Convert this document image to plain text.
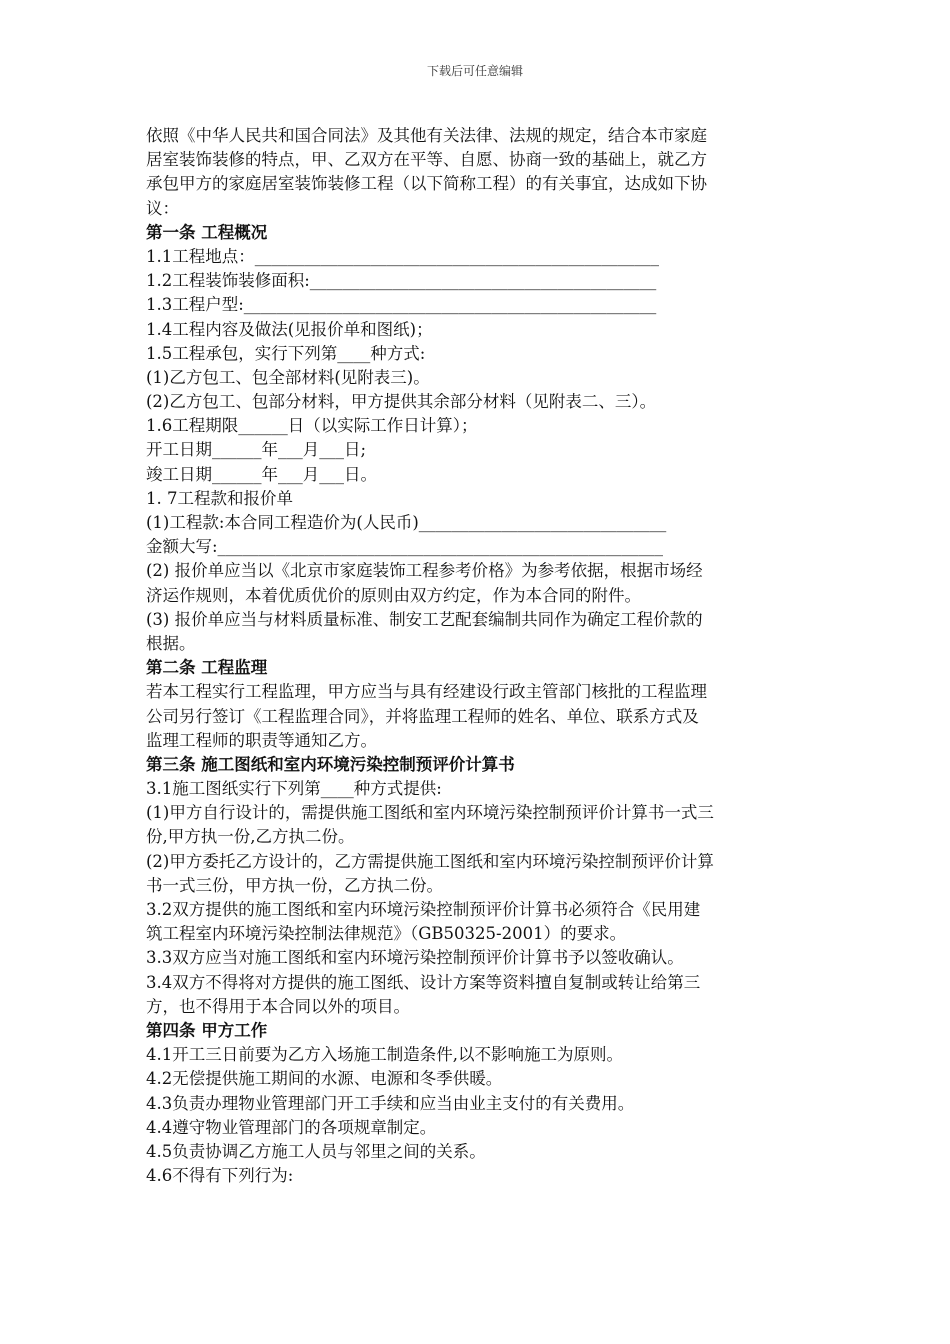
下载后可任意编辑
依照《中华人民共和国合同法》及其他有关法律、法规的规定，结合本市家庭
居室装饰装修的特点，甲、乙双方在平等、自愿、协商一致的基础上，就乙方
承包甲方的家庭居室装饰装修工程（以下简称工程）的有关事宜，达成如下协
议：
第一条 工程概况
1.1工程地点：_________________________________________________
1.2工程装饰装修面积:__________________________________________
1.3工程户型:__________________________________________________
1.4工程内容及做法(见报价单和图纸)；
1.5工程承包，实行下列第____种方式:
(1)乙方包工、包全部材料(见附表三)。
(2)乙方包工、包部分材料，甲方提供其余部分材料（见附表二、三）。
1.6工程期限______日（以实际工作日计算）；
开工日期______年___月___日;
竣工日期______年___月___日。
1. 7工程款和报价单
(1)工程款:本合同工程造价为(人民币)______________________________
金额大写:______________________________________________________
(2) 报价单应当以《北京市家庭装饰工程参考价格》为参考依据，根据市场经
济运作规则，本着优质优价的原则由双方约定，作为本合同的附件。
(3) 报价单应当与材料质量标准、制安工艺配套编制共同作为确定工程价款的
根据。
第二条 工程监理
若本工程实行工程监理，甲方应当与具有经建设行政主管部门核批的工程监理
公司另行签订《工程监理合同》，并将监理工程师的姓名、单位、联系方式及
监理工程师的职责等通知乙方。
第三条 施工图纸和室内环境污染控制预评价计算书
3.1施工图纸实行下列第____种方式提供:
(1)甲方自行设计的，需提供施工图纸和室内环境污染控制预评价计算书一式三
份,甲方执一份,乙方执二份。
(2)甲方委托乙方设计的，乙方需提供施工图纸和室内环境污染控制预评价计算
书一式三份，甲方执一份，乙方执二份。
3.2双方提供的施工图纸和室内环境污染控制预评价计算书必须符合《民用建
筑工程室内环境污染控制法律规范》（GB50325-2001）的要求。
3.3双方应当对施工图纸和室内环境污染控制预评价计算书予以签收确认。
3.4双方不得将对方提供的施工图纸、设计方案等资料擅自复制或转让给第三
方，也不得用于本合同以外的项目。
第四条 甲方工作
4.1开工三日前要为乙方入场施工制造条件,以不影响施工为原则。
4.2无偿提供施工期间的水源、电源和冬季供暖。
4.3负责办理物业管理部门开工手续和应当由业主支付的有关费用。
4.4遵守物业管理部门的各项规章制定。
4.5负责协调乙方施工人员与邻里之间的关系。
4.6不得有下列行为:
